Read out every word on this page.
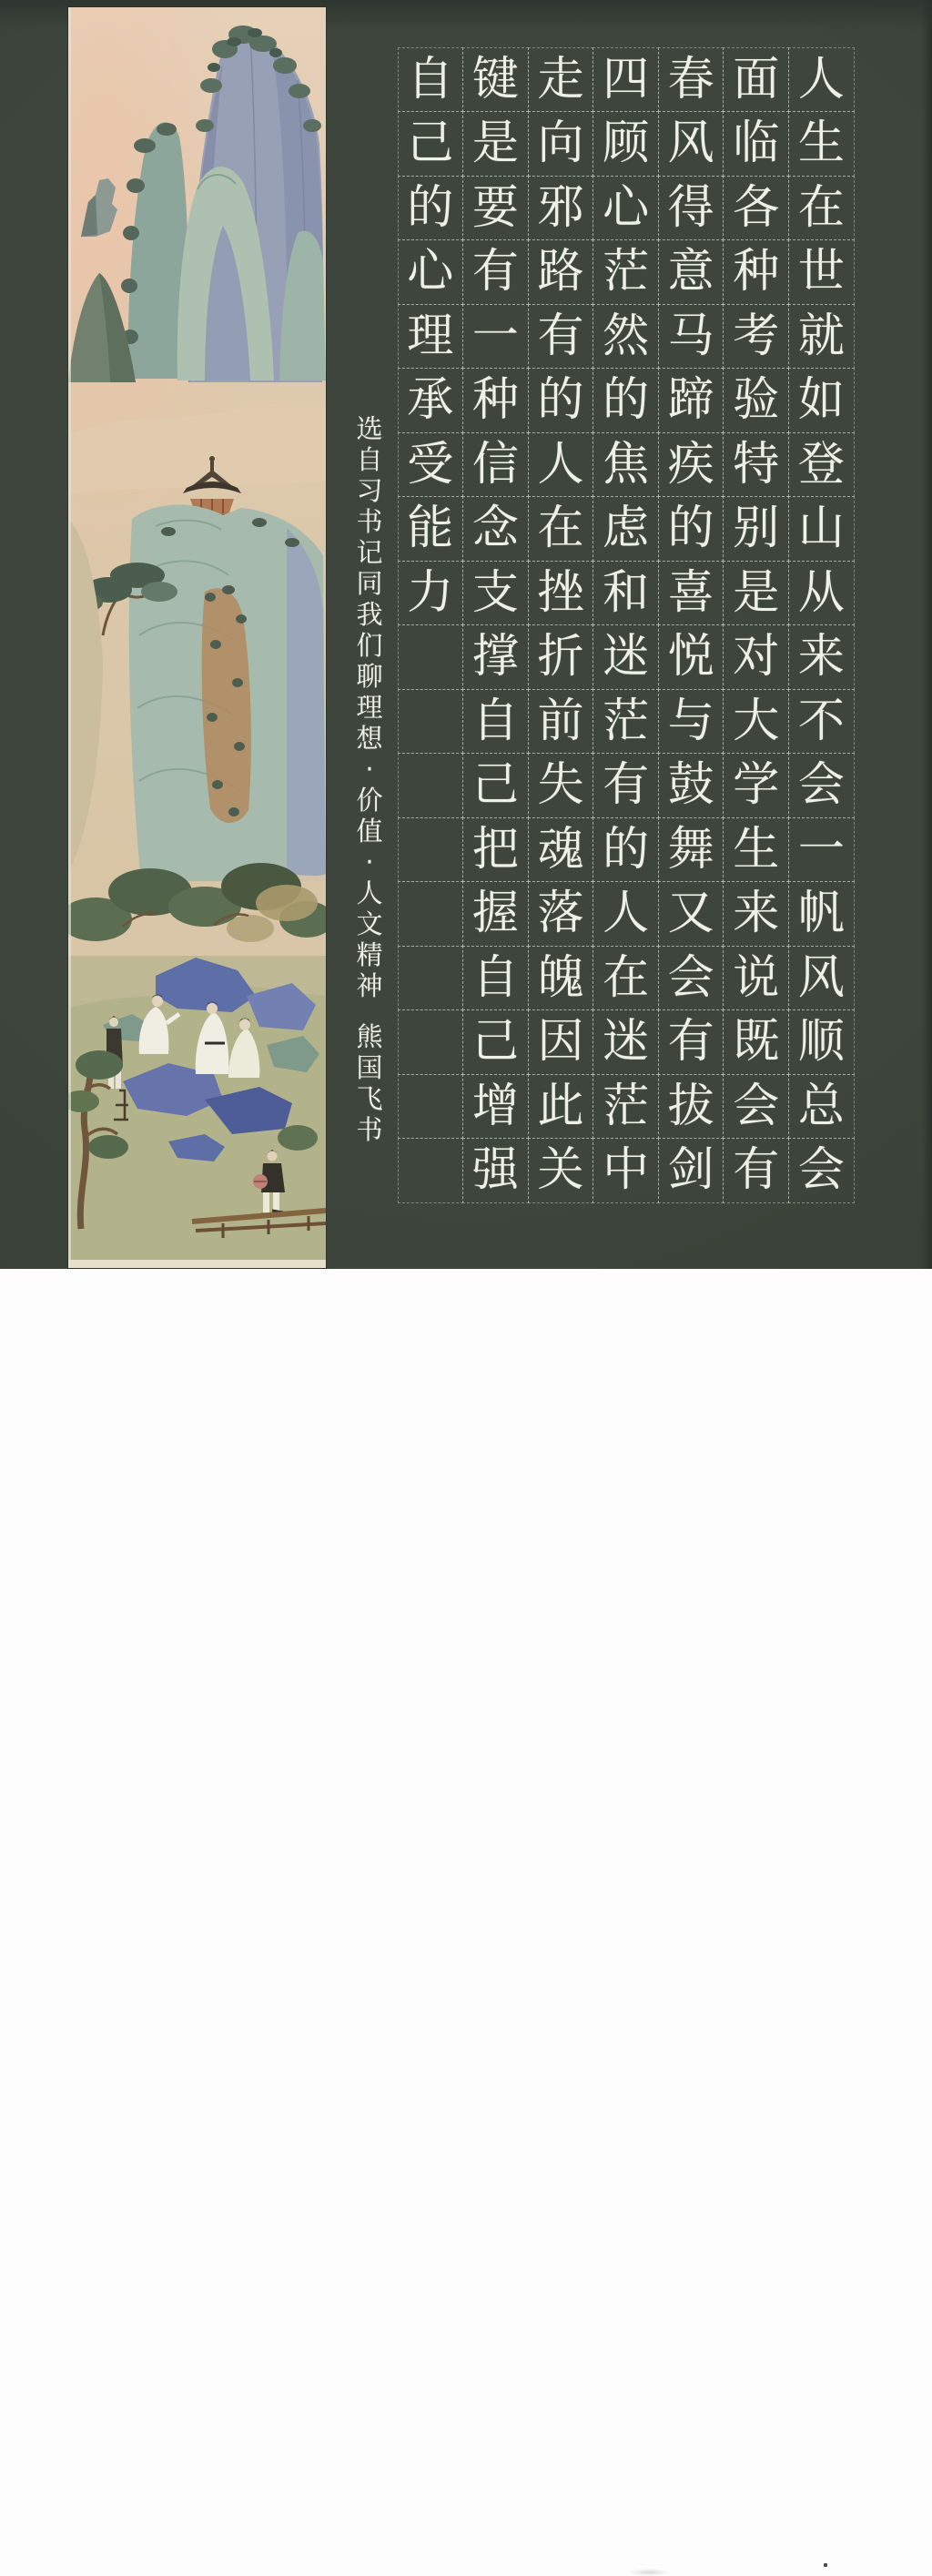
人
生
在
世
就
如
登
山
从
来
不
会
一
帆
风
顺
总
会
面
临
各
种
考
验
特
别
是
对
大
学
生
来
说
既
会
有
春
风
得
意
马
蹄
疾
的
喜
悦
与
鼓
舞
又
会
有
拔
剑
四
顾
心
茫
然
的
焦
虑
和
迷
茫
有
的
人
在
迷
茫
中
走
向
邪
路
有
的
人
在
挫
折
前
失
魂
落
魄
因
此
关
键
是
要
有
一
种
信
念
支
撑
自
己
把
握
自
己
增
强
自
己
的
心
理
承
受
能
力
选
自
习
书
记
同
我
们
聊
理
想
·
价
值
·
人
文
精
神
熊
国
飞
书
